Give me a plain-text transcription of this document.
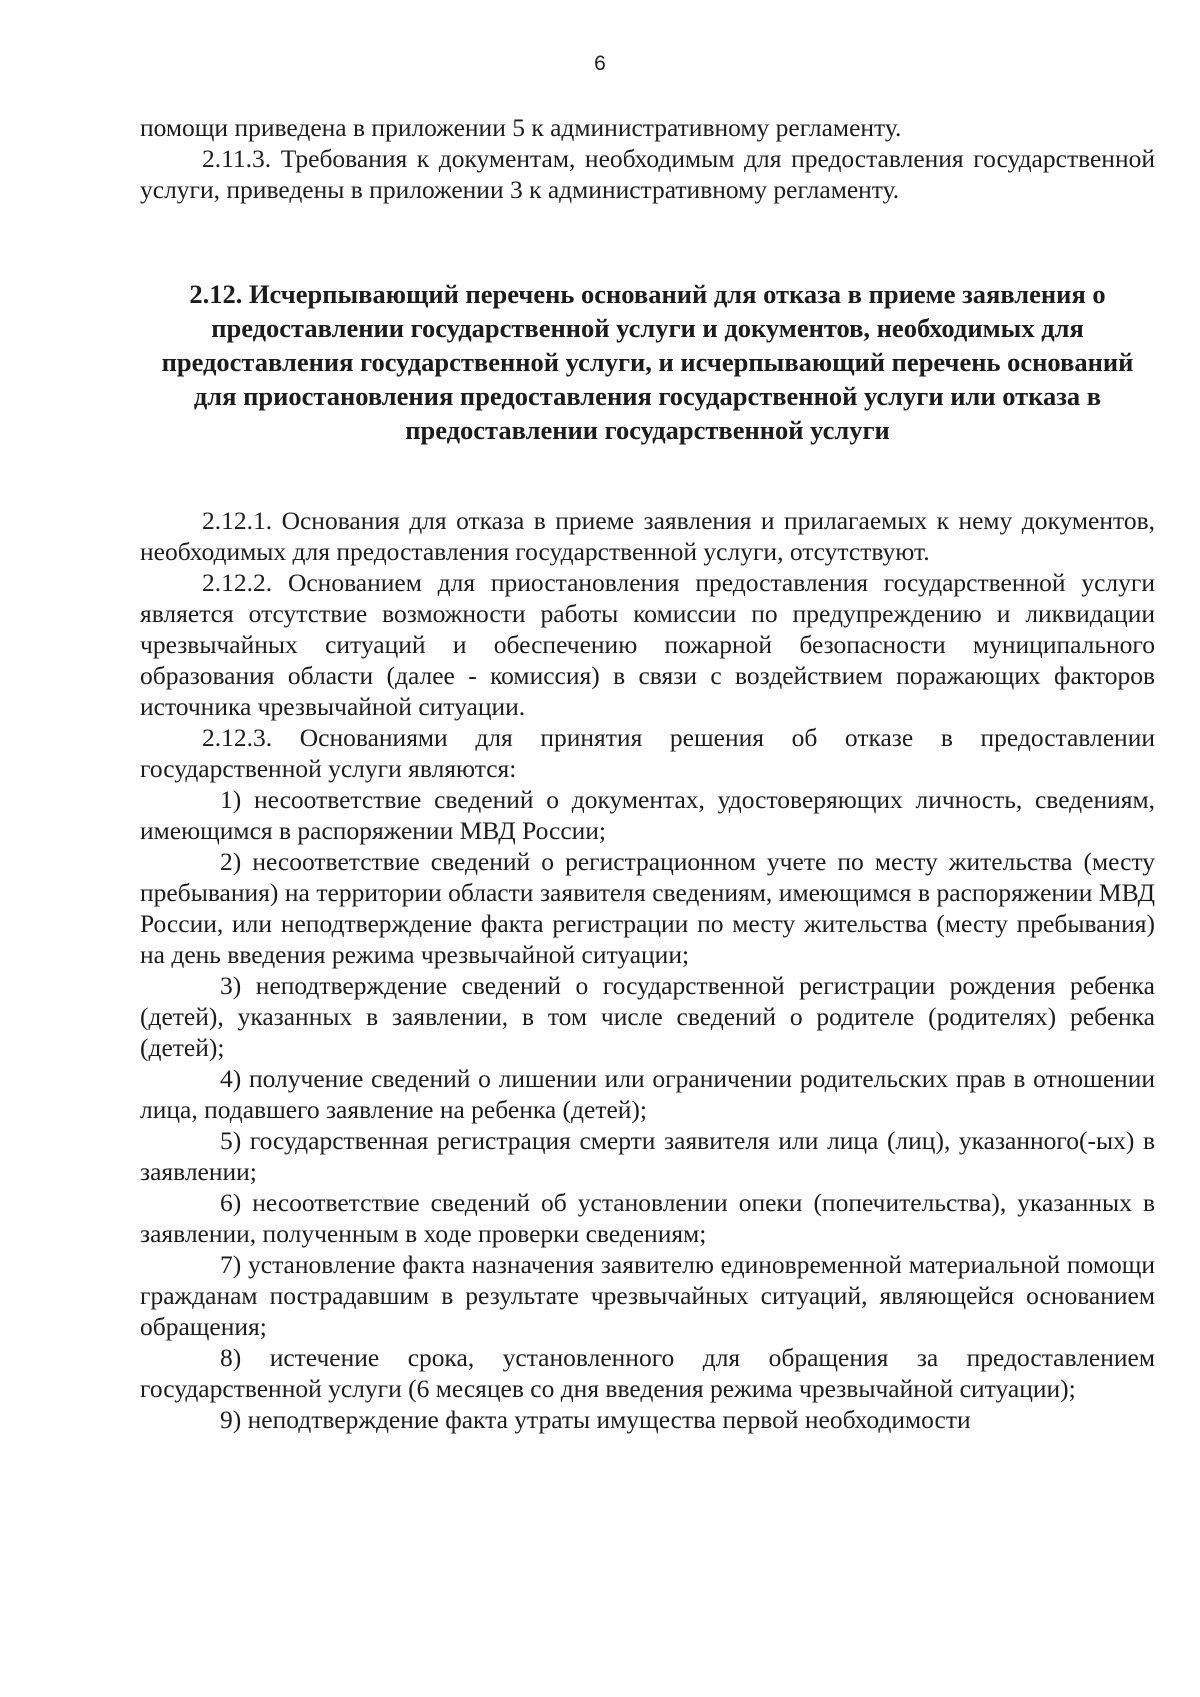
6

помощи приведена в приложении 5 к административному регламенту.

2.11.3. Требования к документам, необходимым для предоставления государственной услуги, приведены в приложении 3 к административному регламенту.

2.12. Исчерпывающий перечень оснований для отказа в приеме заявления о предоставлении государственной услуги и документов, необходимых для предоставления государственной услуги, и исчерпывающий перечень оснований для приостановления предоставления государственной услуги или отказа в предоставлении государственной услуги

2.12.1. Основания для отказа в приеме заявления и прилагаемых к нему документов, необходимых для предоставления государственной услуги, отсутствуют.

2.12.2. Основанием для приостановления предоставления государственной услуги является отсутствие возможности работы комиссии по предупреждению и ликвидации чрезвычайных ситуаций и обеспечению пожарной безопасности муниципального образования области (далее - комиссия) в связи с воздействием поражающих факторов источника чрезвычайной ситуации.

2.12.3. Основаниями для принятия решения об отказе в предоставлении государственной услуги являются:

1) несоответствие сведений о документах, удостоверяющих личность, сведениям, имеющимся в распоряжении МВД России;

2) несоответствие сведений о регистрационном учете по месту жительства (месту пребывания) на территории области заявителя сведениям, имеющимся в распоряжении МВД России, или неподтверждение факта регистрации по месту жительства (месту пребывания) на день введения режима чрезвычайной ситуации;

3) неподтверждение сведений о государственной регистрации рождения ребенка (детей), указанных в заявлении, в том числе сведений о родителе (родителях) ребенка (детей);

4) получение сведений о лишении или ограничении родительских прав в отношении лица, подавшего заявление на ребенка (детей);

5) государственная регистрация смерти заявителя или лица (лиц), указанного(-ых) в заявлении;

6) несоответствие сведений об установлении опеки (попечительства), указанных в заявлении, полученным в ходе проверки сведениям;

7) установление факта назначения заявителю единовременной материальной помощи гражданам пострадавшим в результате чрезвычайных ситуаций, являющейся основанием обращения;

8) истечение срока, установленного для обращения за предоставлением государственной услуги (6 месяцев со дня введения режима чрезвычайной ситуации);

9) неподтверждение факта утраты имущества первой необходимости
